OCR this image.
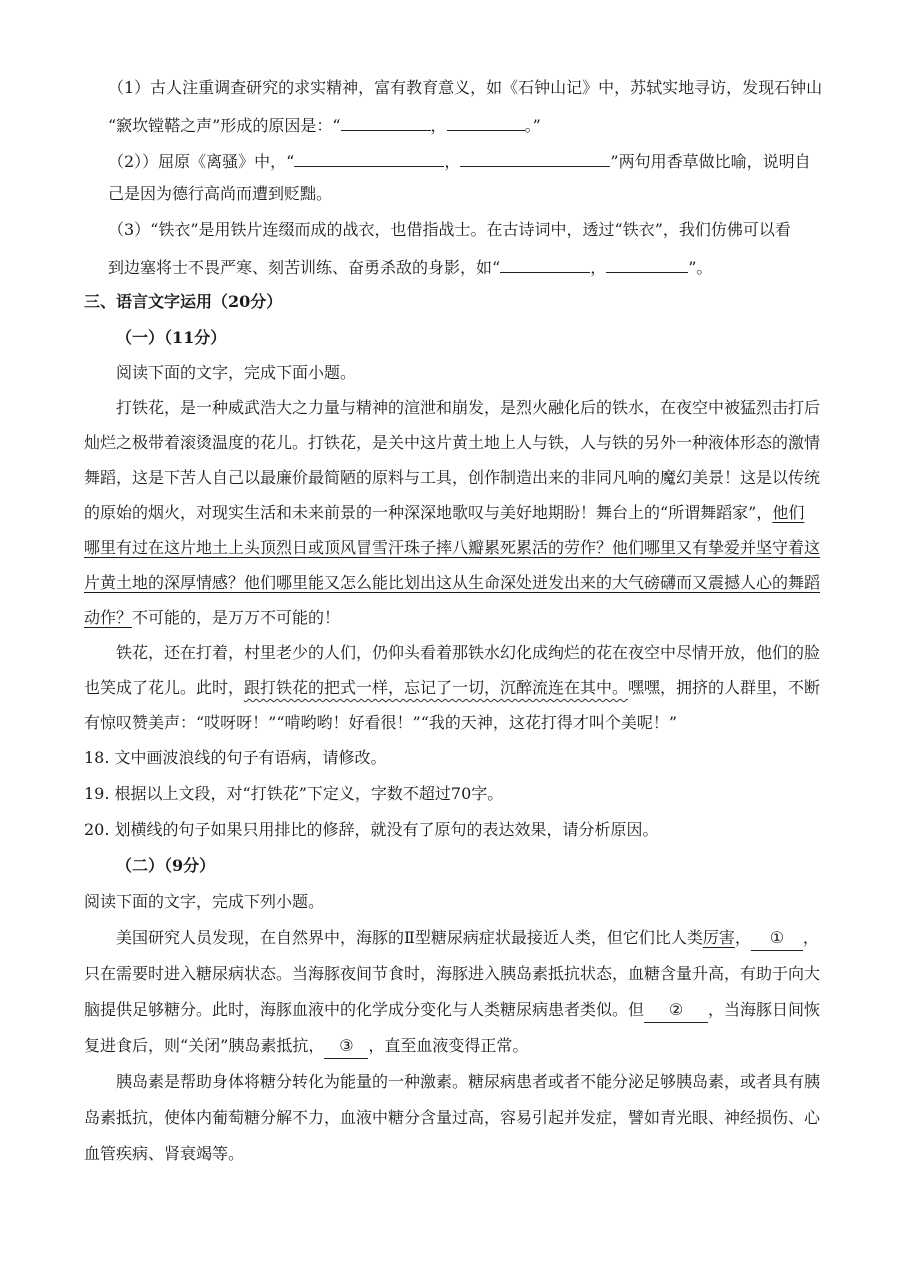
（1）古人注重调查研究的求实精神，富有教育意义，如《石钟山记》中，苏轼实地寻访，发现石钟山
“窾坎镗鞳之声”形成的原因是：“	，	。”
（2））屈原《离骚》中，“	，	”两句用香草做比喻，说明自
己是因为德行高尚而遭到贬黜。
（3）“铁衣”是用铁片连缀而成的战衣，也借指战士。在古诗词中，透过“铁衣”，我们仿佛可以看
到边塞将士不畏严寒、刻苦训练、奋勇杀敌的身影，如“	，	”。
三、语言文字运用（20分）
（一）（11分）
阅读下面的文字，完成下面小题。
打铁花，是一种威武浩大之力量与精神的渲泄和崩发，是烈火融化后的铁水，在夜空中被猛烈击打后
灿烂之极带着滚烫温度的花儿。打铁花，是关中这片黄土地上人与铁，人与铁的另外一种液体形态的激情
舞蹈，这是下苦人自己以最廉价最简陋的原料与工具，创作制造出来的非同凡响的魔幻美景！这是以传统
的原始的烟火，对现实生活和未来前景的一种深深地歌叹与美好地期盼！舞台上的“所谓舞蹈家”，他们
哪里有过在这片地土上头顶烈日或顶风冒雪汗珠子摔八瓣累死累活的劳作？他们哪里又有挚爱并坚守着这
片黄土地的深厚情感？他们哪里能又怎么能比划出这从生命深处迸发出来的大气磅礴而又震撼人心的舞蹈
动作？不可能的，是万万不可能的！
铁花，还在打着，村里老少的人们，仍仰头看着那铁水幻化成绚烂的花在夜空中尽情开放，他们的脸
也笑成了花儿。此时，跟打铁花的把式一样，忘记了一切，沉醉流连在其中。嘿嘿，拥挤的人群里，不断
有惊叹赞美声：“哎呀呀！”“啃哟哟！好看很！”“我的天神，这花打得才叫个美呢！”
18. 文中画波浪线的句子有语病，请修改。
19. 根据以上文段，对“打铁花”下定义，字数不超过70字。
20. 划横线的句子如果只用排比的修辞，就没有了原句的表达效果，请分析原因。
（二）（9分）
阅读下面的文字，完成下列小题。
美国研究人员发现，在自然界中，海豚的Ⅱ型糖尿病症状最接近人类，但它们比人类厉害， ① ，
只在需要时进入糖尿病状态。当海豚夜间节食时，海豚进入胰岛素抵抗状态，血糖含量升高，有助于向大
脑提供足够糖分。此时，海豚血液中的化学成分变化与人类糖尿病患者类似。但 ② ，当海豚日间恢
复进食后，则“关闭”胰岛素抵抗， ③ ，直至血液变得正常。
胰岛素是帮助身体将糖分转化为能量的一种激素。糖尿病患者或者不能分泌足够胰岛素，或者具有胰
岛素抵抗，使体内葡萄糖分解不力，血液中糖分含量过高，容易引起并发症，譬如青光眼、神经损伤、心
血管疾病、肾衰竭等。
